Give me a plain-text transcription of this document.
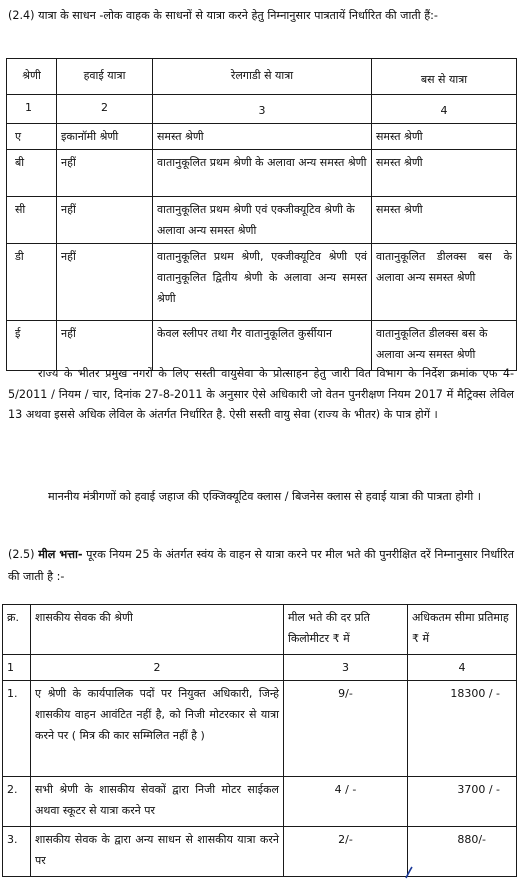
(2.4) यात्रा के साधन -लोक वाहक के साधनों से यात्रा करने हेतु निम्नानुसार पात्रतायें निर्धारित की जाती हैं:-
श्रेणी	हवाई यात्रा	रेलगाडी से यात्रा	बस से यात्रा
1	2	3	4
ए	इकानॉमी श्रेणी	समस्त श्रेणी	समस्त श्रेणी
बी	नहीं	वातानुकूलित प्रथम श्रेणी के अलावा अन्य समस्त श्रेणी	समस्त श्रेणी
सी	नहीं	वातानुकूलित प्रथम श्रेणी एवं एक्जीक्यूटिव श्रेणी के अलावा अन्य समस्त श्रेणी	समस्त श्रेणी
डी	नहीं	वातानुकूलित प्रथम श्रेणी, एक्जीक्यूटिव श्रेणी एवं वातानुकूलित द्वितीय श्रेणी के अलावा अन्य समस्त श्रेणी	वातानुकूलित डीलक्स बस के अलावा अन्य समस्त श्रेणी
ई	नहीं	केवल स्लीपर तथा गैर वातानुकूलित कुर्सीयान	वातानुकूलित डीलक्स बस के अलावा अन्य समस्त श्रेणी
राज्य के भीतर प्रमुख नगरों के लिए सस्ती वायुसेवा के प्रोत्साहन हेतु जारी वित विभाग के निर्देश क्रमांक एफ 4-5/2011 / नियम / चार, दिनांक 27-8-2011 के अनुसार ऐसे अधिकारी जो वेतन पुनरीक्षण नियम 2017 में मैट्रिक्स लेविल 13 अथवा इससे अधिक लेविल के अंतर्गत निर्धारित है. ऐसी सस्ती वायु सेवा (राज्य के भीतर) के पात्र होगें ।
माननीय मंत्रीगणों को हवाई जहाज की एक्जिक्यूटिव क्लास / बिजनेस क्लास से हवाई यात्रा की पात्रता होगी ।
(2.5) मील भत्ता- पूरक नियम 25 के अंतर्गत स्वंय के वाहन से यात्रा करने पर मील भते की पुनरीक्षित दरें निम्नानुसार निर्धारित की जाती है :-
क्र.	शासकीय सेवक की श्रेणी	मील भते की दर प्रति किलोमीटर ₹ में	अधिकतम सीमा प्रतिमाह ₹ में
1	2	3	4
1.	ए श्रेणी के कार्यपालिक पदों पर नियुक्त अधिकारी, जिन्हे शासकीय वाहन आवंटित नहीं है, को निजी मोटरकार से यात्रा करने पर ( मित्र की कार सम्मिलित नहीं है )	9/-	18300 / -
2.	सभी श्रेणी के शासकीय सेवकों द्वारा निजी मोटर साईकल अथवा स्कूटर से यात्रा करने पर	4 / -	3700 / -
3.	शासकीय सेवक के द्वारा अन्य साधन से शासकीय यात्रा करने पर	2/-	880/-
